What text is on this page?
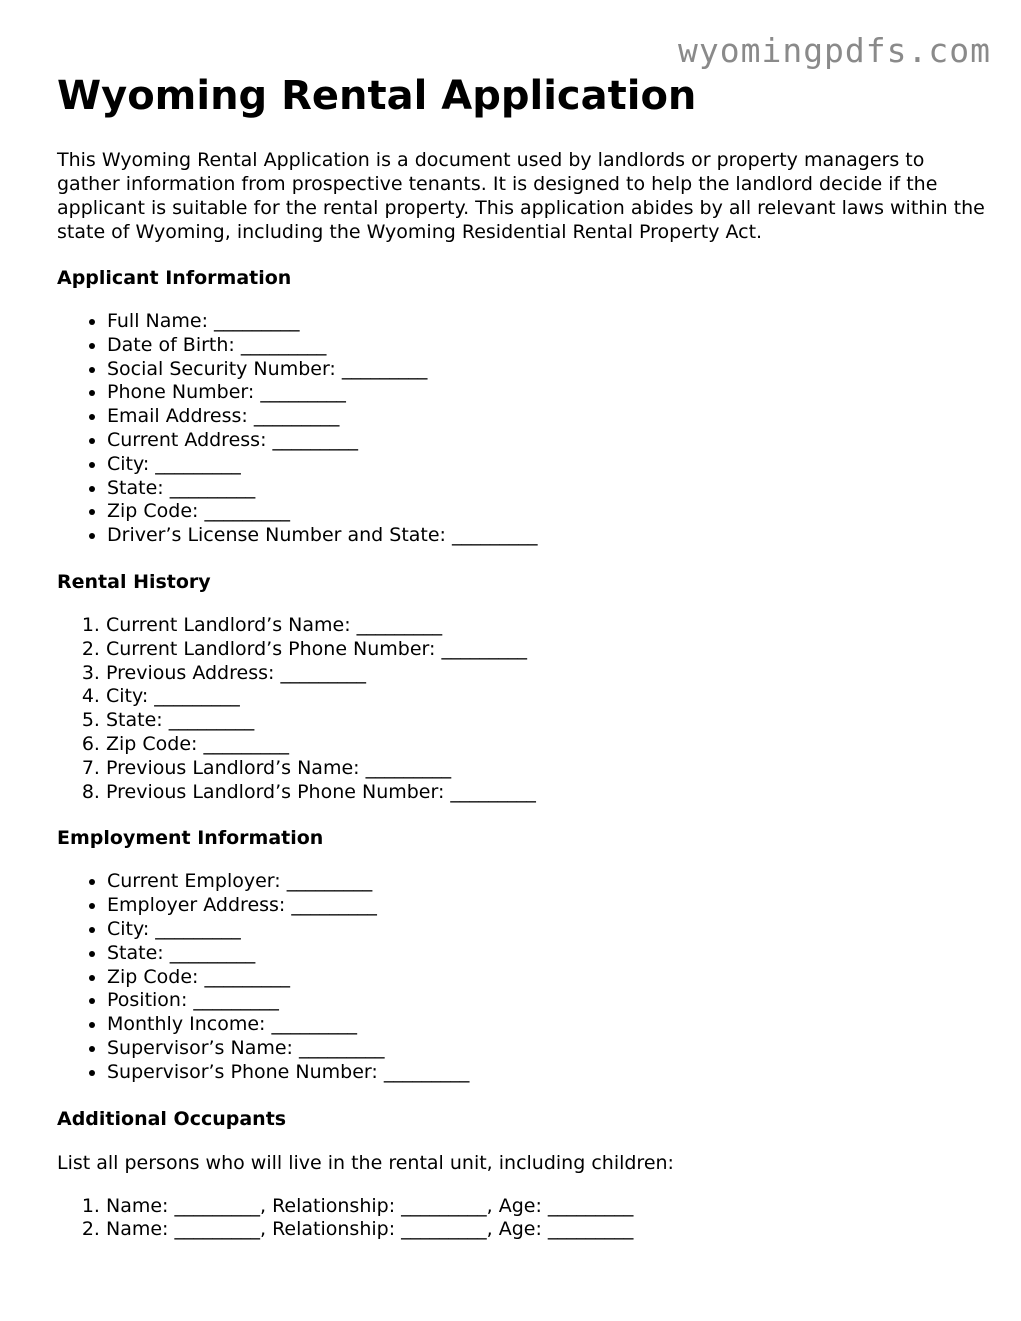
wyomingpdfs.com
Wyoming Rental Application

This Wyoming Rental Application is a document used by landlords or property managers to gather information from prospective tenants. It is designed to help the landlord decide if the applicant is suitable for the rental property. This application abides by all relevant laws within the state of Wyoming, including the Wyoming Residential Rental Property Act.

Applicant Information
• Full Name: _________
• Date of Birth: _________
• Social Security Number: _________
• Phone Number: _________
• Email Address: _________
• Current Address: _________
• City: _________
• State: _________
• Zip Code: _________
• Driver’s License Number and State: _________
Rental History
1. Current Landlord’s Name: _________
2. Current Landlord’s Phone Number: _________
3. Previous Address: _________
4. City: _________
5. State: _________
6. Zip Code: _________
7. Previous Landlord’s Name: _________
8. Previous Landlord’s Phone Number: _________
Employment Information
• Current Employer: _________
• Employer Address: _________
• City: _________
• State: _________
• Zip Code: _________
• Position: _________
• Monthly Income: _________
• Supervisor’s Name: _________
• Supervisor’s Phone Number: _________
Additional Occupants

List all persons who will live in the rental unit, including children:

1. Name: _________, Relationship: _________, Age: _________
2. Name: _________, Relationship: _________, Age: _________
